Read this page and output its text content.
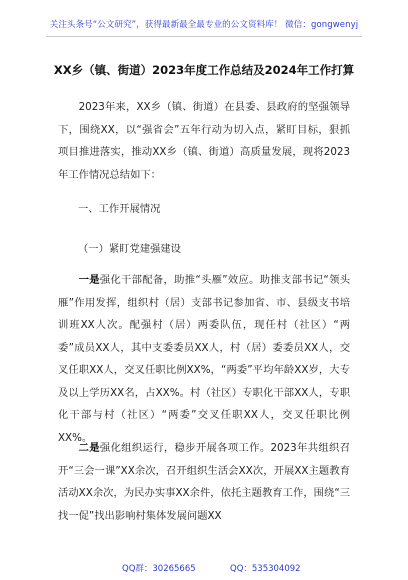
关注头条号“公文研究”，获得最新最全最专业的公文资料库！ 微信：gongwenyj
XX乡（镇、街道）2023年度工作总结及2024年工作打算

2023年来，XX乡（镇、街道）在县委、县政府的坚强领导下，围绕XX，以“强省会”五年行动为切入点，紧盯目标，狠抓项目推进落实，推动XX乡（镇、街道）高质量发展，现将2023年工作情况总结如下：

一、工作开展情况
（一）紧盯党建强建设

一是强化干部配备，助推“头雁”效应。助推支部书记“领头雁”作用发挥，组织村（居）支部书记参加省、市、县级支书培训班XX人次。配强村（居）两委队伍，现任村（社区）“两委”成员XX人，其中支委委员XX人，村（居）委委员XX人，交叉任职XX人，交叉任职比例XX%，“两委”平均年龄XX岁，大专及以上学历XX名，占XX%。村（社区）专职化干部XX人，专职化干部与村（社区）“两委”交叉任职XX人，交叉任职比例XX%。

二是强化组织运行，稳步开展各项工作。2023年共组织召开“三会一课”XX余次，召开组织生活会XX次，开展XX主题教育活动XX余次，为民办实事XX余件，依托主题教育工作，围绕“三找一促”找出影响村集体发展问题XX

QQ群：30265665	QQ：535304092
